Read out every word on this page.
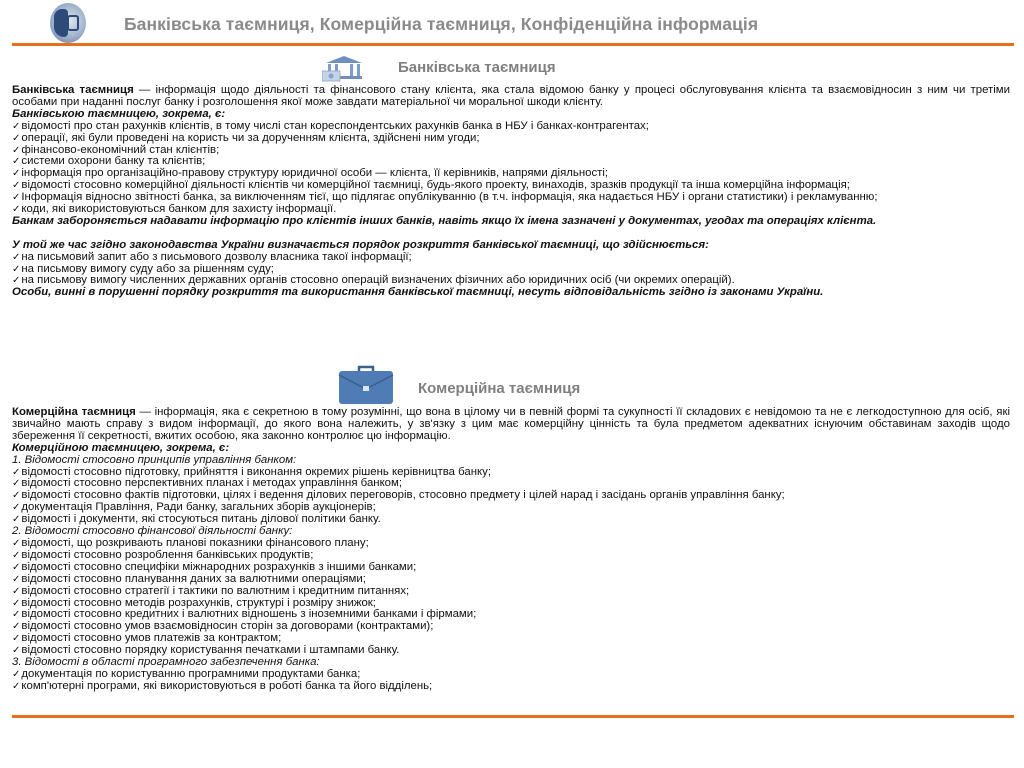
Банківська таємниця, Комерційна таємниця, Конфіденційна інформація
Банківська таємниця
Банківська таємниця — інформація щодо діяльності та фінансового стану клієнта, яка стала відомою банку у процесі обслуговування клієнта та взаємовідносин з ним чи третіми особами при наданні послуг банку і розголошення якої може завдати матеріальної чи моральної шкоди клієнту.
Банківською таємницею, зокрема, є:
✓відомості про стан рахунків клієнтів, в тому числі стан кореспондентських рахунків банка в НБУ і банках-контрагентах;
✓операції, які були проведені на користь чи за дорученням клієнта, здійснені ним угоди;
✓фінансово-економічний стан клієнтів;
✓системи охорони банку та клієнтів;
✓інформація про організаційно-правову структуру юридичної особи — клієнта, її керівників, напрями діяльності;
✓відомості стосовно комерційної діяльності клієнтів чи комерційної таємниці, будь-якого проекту, винаходів, зразків продукції та інша комерційна інформація;
✓Інформація відносно звітності банка, за виключенням тієї, що підлягає опублікуванню (в т.ч. інформація, яка надається НБУ і органи статистики) і рекламуванню;
✓коди, які використовуються банком для захисту інформації.
Банкам забороняється надавати інформацію про клієнтів інших банків, навіть якщо їх імена зазначені у документах, угодах та операціях клієнта.
У той же час згідно законодавства України визначається порядок розкриття банківської таємниці, що здійснюється:
✓на письмовий запит або з письмового дозволу власника такої інформації;
✓на письмову вимогу суду або за рішенням суду;
✓на письмову вимогу численних державних органів стосовно операцій визначених фізичних або юридичних осіб (чи окремих операцій).
Особи, винні в порушенні порядку розкриття та використання банківської таємниці, несуть відповідальність згідно із законами України.
Комерційна таємниця
Комерційна таємниця — інформація, яка є секретною в тому розумінні, що вона в цілому чи в певній формі та сукупності її складових є невідомою та не є легкодоступною для осіб, які звичайно мають справу з видом інформації, до якого вона належить, у зв'язку з цим має комерційну цінність та була предметом адекватних існуючим обставинам заходів щодо збереження її секретності, вжитих особою, яка законно контролює цю інформацію.
Комерційною таємницею, зокрема, є:
1. Відомості стосовно принципів управління банком:
✓відомості стосовно підготовку, прийняття і виконання окремих рішень керівництва банку;
✓відомості стосовно перспективних планах і методах управління банком;
✓відомості стосовно фактів підготовки, цілях і ведення ділових переговорів, стосовно предмету і цілей нарад і засідань органів управління банку;
✓документація Правління, Ради банку, загальних зборів аукціонерів;
✓відомості і документи, які стосуються питань ділової політики банку.
2. Відомості стосовно фінансової діяльності банку:
✓відомості, що розкривають планові показники фінансового плану;
✓відомості стосовно розроблення банківських продуктів;
✓відомості стосовно специфіки міжнародних розрахунків з іншими банками;
✓відомості стосовно планування даних за валютними операціями;
✓відомості стосовно стратегії і тактики по валютним і кредитним питаннях;
✓відомості стосовно методів розрахунків, структурі і розміру знижок;
✓відомості стосовно кредитних і валютних відношень з іноземними банками і фірмами;
✓відомості стосовно умов взаємовідносин сторін за договорами (контрактами);
✓відомості стосовно умов платежів за контрактом;
✓відомості стосовно порядку користування печатками і штампами банку.
3. Відомості в області програмного забезпечення банка:
✓документація по користуванню програмними продуктами банка;
✓комп'ютерні програми, які використовуються в роботі банка та його відділень;
